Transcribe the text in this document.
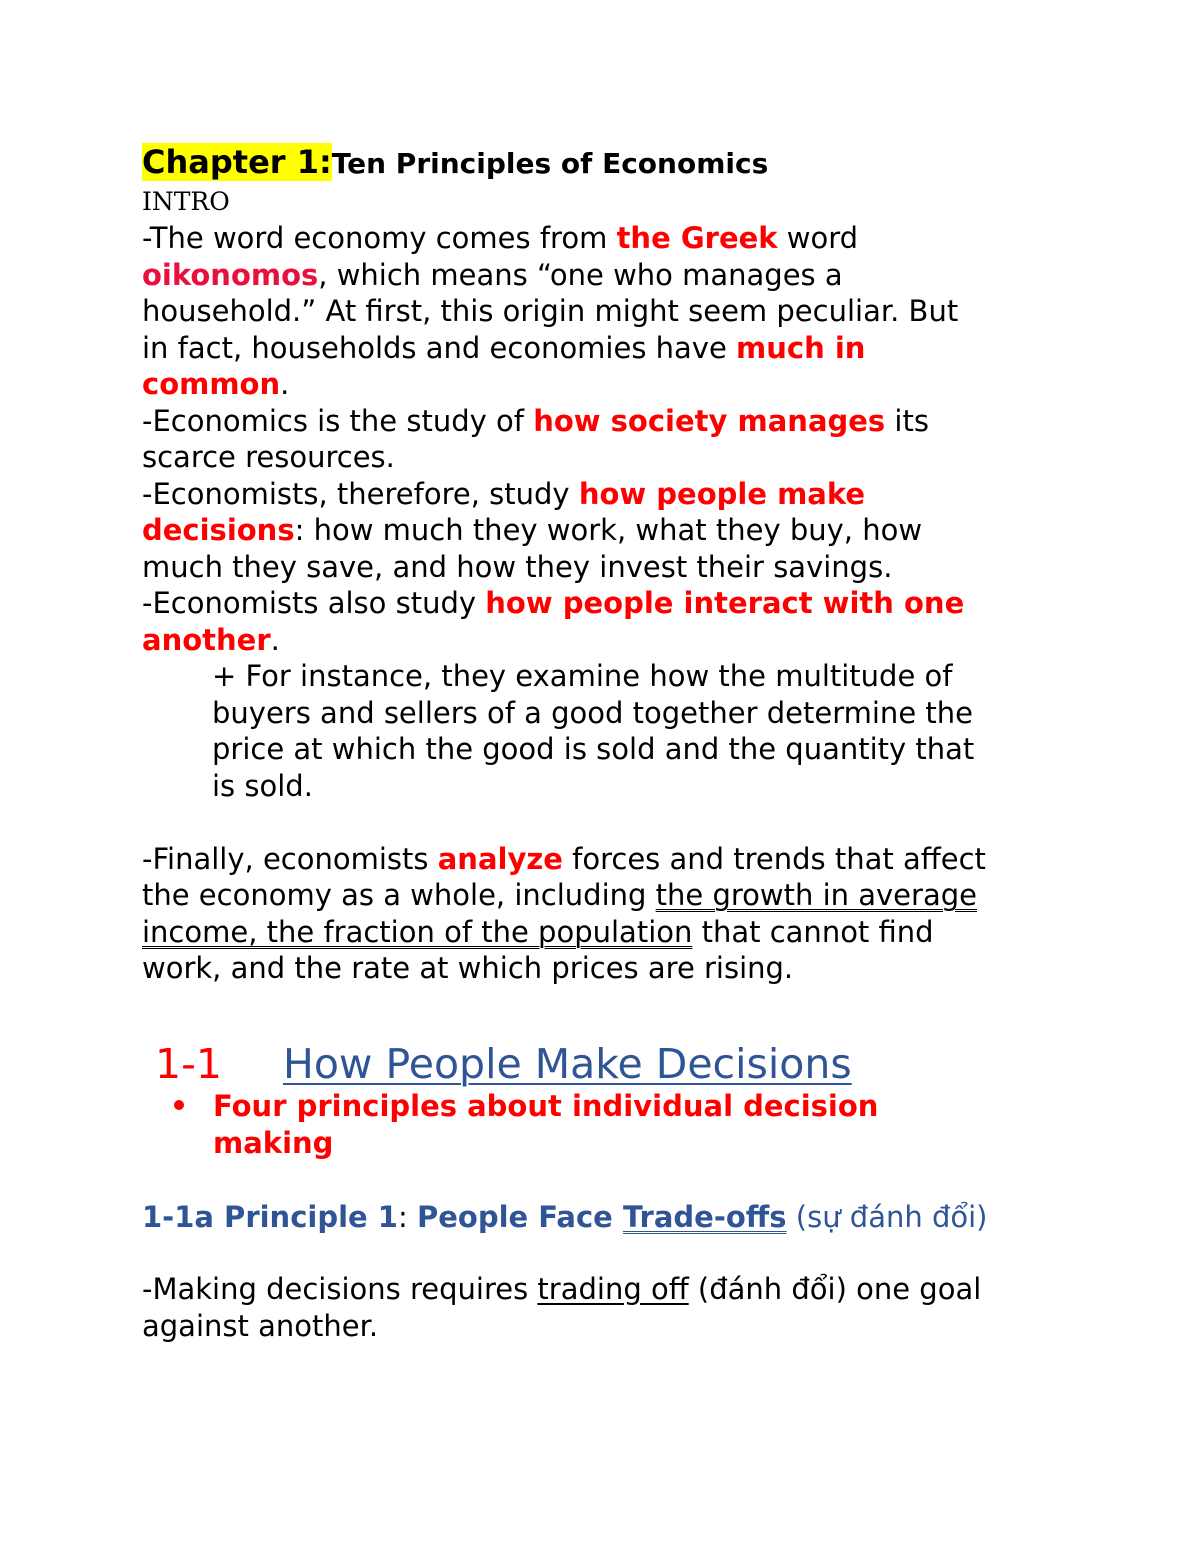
Chapter 1:Ten Principles of Economics
INTRO
-The word economy comes from the Greek word
oikonomos, which means “one who manages a
household.” At first, this origin might seem peculiar. But
in fact, households and economies have much in
common.
-Economics is the study of how society manages its
scarce resources.
-Economists, therefore, study how people make
decisions: how much they work, what they buy, how
much they save, and how they invest their savings.
-Economists also study how people interact with one
another.
+ For instance, they examine how the multitude of
buyers and sellers of a good together determine the
price at which the good is sold and the quantity that
is sold.
-Finally, economists analyze forces and trends that affect
the economy as a whole, including the growth in average
income, the fraction of the population that cannot find
work, and the rate at which prices are rising.
1-1 How People Make Decisions
Four principles about individual decision
making
1-1a Principle 1: People Face Trade-offs (sự đánh đổi)
-Making decisions requires trading off (đánh đổi) one goal
against another.
